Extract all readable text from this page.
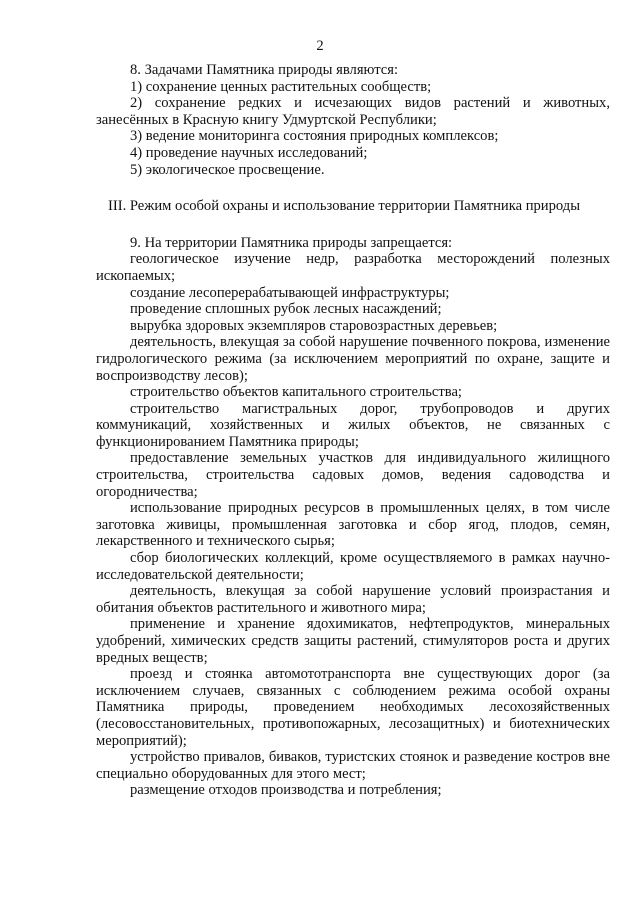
2

8. Задачами Памятника природы являются:

1) сохранение ценных растительных сообществ;

2) сохранение редких и исчезающих видов растений и животных, занесённых в Красную книгу Удмуртской Республики;

3) ведение мониторинга состояния природных комплексов;

4) проведение научных исследований;

5) экологическое просвещение.

III. Режим особой охраны и использование территории Памятника природы

9. На территории Памятника природы запрещается:

геологическое изучение недр, разработка месторождений полезных ископаемых;

создание лесоперерабатывающей инфраструктуры;

проведение сплошных рубок лесных насаждений;

вырубка здоровых экземпляров старовозрастных деревьев;

деятельность, влекущая за собой нарушение почвенного покрова, изменение гидрологического режима (за исключением мероприятий по охране, защите и воспроизводству лесов);

строительство объектов капитального строительства;

строительство магистральных дорог, трубопроводов и других коммуникаций, хозяйственных и жилых объектов, не связанных с функционированием Памятника природы;

предоставление земельных участков для индивидуального жилищного строительства, строительства садовых домов, ведения садоводства и огородничества;

использование природных ресурсов в промышленных целях, в том числе заготовка живицы, промышленная заготовка и сбор ягод, плодов, семян, лекарственного и технического сырья;

сбор биологических коллекций, кроме осуществляемого в рамках научно-исследовательской деятельности;

деятельность, влекущая за собой нарушение условий произрастания и обитания объектов растительного и животного мира;

применение и хранение ядохимикатов, нефтепродуктов, минеральных удобрений, химических средств защиты растений, стимуляторов роста и других вредных веществ;

проезд и стоянка автомототранспорта вне существующих дорог (за исключением случаев, связанных с соблюдением режима особой охраны Памятника природы, проведением необходимых лесохозяйственных (лесовосстановительных, противопожарных, лесозащитных) и биотехнических мероприятий);

устройство привалов, биваков, туристских стоянок и разведение костров вне специально оборудованных для этого мест;

размещение отходов производства и потребления;
